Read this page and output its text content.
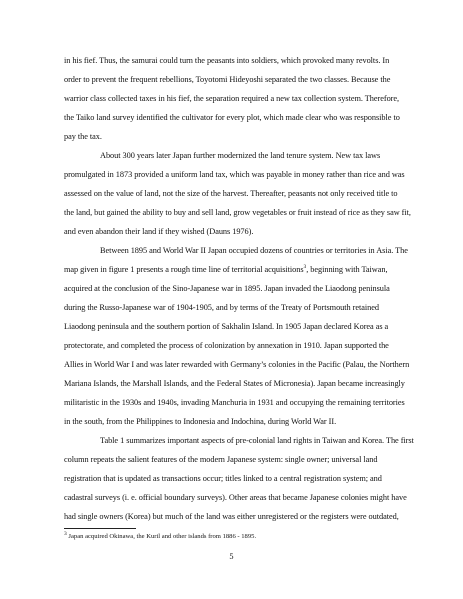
in his fief. Thus, the samurai could turn the peasants into soldiers, which provoked many revolts. In
order to prevent the frequent rebellions, Toyotomi Hideyoshi separated the two classes. Because the
warrior class collected taxes in his fief, the separation required a new tax collection system. Therefore,
the Taiko land survey identified the cultivator for every plot, which made clear who was responsible to
pay the tax.
About 300 years later Japan further modernized the land tenure system. New tax laws
promulgated in 1873 provided a uniform land tax, which was payable in money rather than rice and was
assessed on the value of land, not the size of the harvest. Thereafter, peasants not only received title to
the land, but gained the ability to buy and sell land, grow vegetables or fruit instead of rice as they saw fit,
and even abandon their land if they wished (Dauns 1976).
Between 1895 and World War II Japan occupied dozens of countries or territories in Asia. The
map given in figure 1 presents a rough time line of territorial acquisitions$^3$, beginning with Taiwan,
acquired at the conclusion of the Sino-Japanese war in 1895. Japan invaded the Liaodong peninsula
during the Russo-Japanese war of 1904-1905, and by terms of the Treaty of Portsmouth retained
Liaodong peninsula and the southern portion of Sakhalin Island. In 1905 Japan declared Korea as a
protectorate, and completed the process of colonization by annexation in 1910. Japan supported the
Allies in World War I and was later rewarded with Germany’s colonies in the Pacific (Palau, the Northern
Mariana Islands, the Marshall Islands, and the Federal States of Micronesia). Japan became increasingly
militaristic in the 1930s and 1940s, invading Manchuria in 1931 and occupying the remaining territories
in the south, from the Philippines to Indonesia and Indochina, during World War II.
Table 1 summarizes important aspects of pre-colonial land rights in Taiwan and Korea. The first
column repeats the salient features of the modern Japanese system: single owner; universal land
registration that is updated as transactions occur; titles linked to a central registration system; and
cadastral surveys (i. e. official boundary surveys). Other areas that became Japanese colonies might have
had single owners (Korea) but much of the land was either unregistered or the registers were outdated,
$^3$ Japan acquired Okinawa, the Kuril and other islands from 1886 - 1895.
5
